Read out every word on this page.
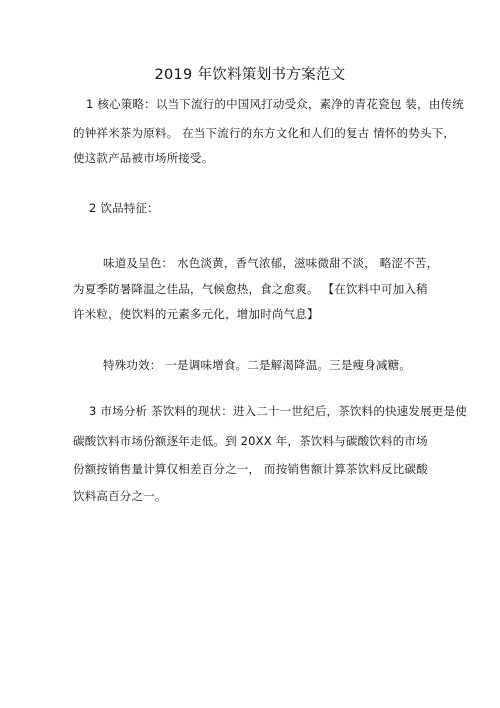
2019 年饮料策划书方案范文
1 核心策略：以当下流行的中国风打动受众，素净的青花瓷包 装，由传统
的钟祥米茶为原料。 在当下流行的东方文化和人们的复古 情怀的势头下，
使这款产品被市场所接受。
2 饮品特征：
味道及呈色： 水色淡黄，香气浓郁，滋味微甜不淡， 略涩不苦，
为夏季防暑降温之佳品，气候愈热，食之愈爽。 【在饮料中可加入稍
许米粒，使饮料的元素多元化，增加时尚气息】
特殊功效： 一是调味增食。二是解渴降温。三是瘦身减糖。
3 市场分析 茶饮料的现状：进入二十一世纪后，茶饮料的快速发展更是使
碳酸饮料市场份额逐年走低。到 20XX 年，茶饮料与碳酸饮料的市场
份额按销售量计算仅相差百分之一， 而按销售额计算茶饮料反比碳酸
饮料高百分之一。
